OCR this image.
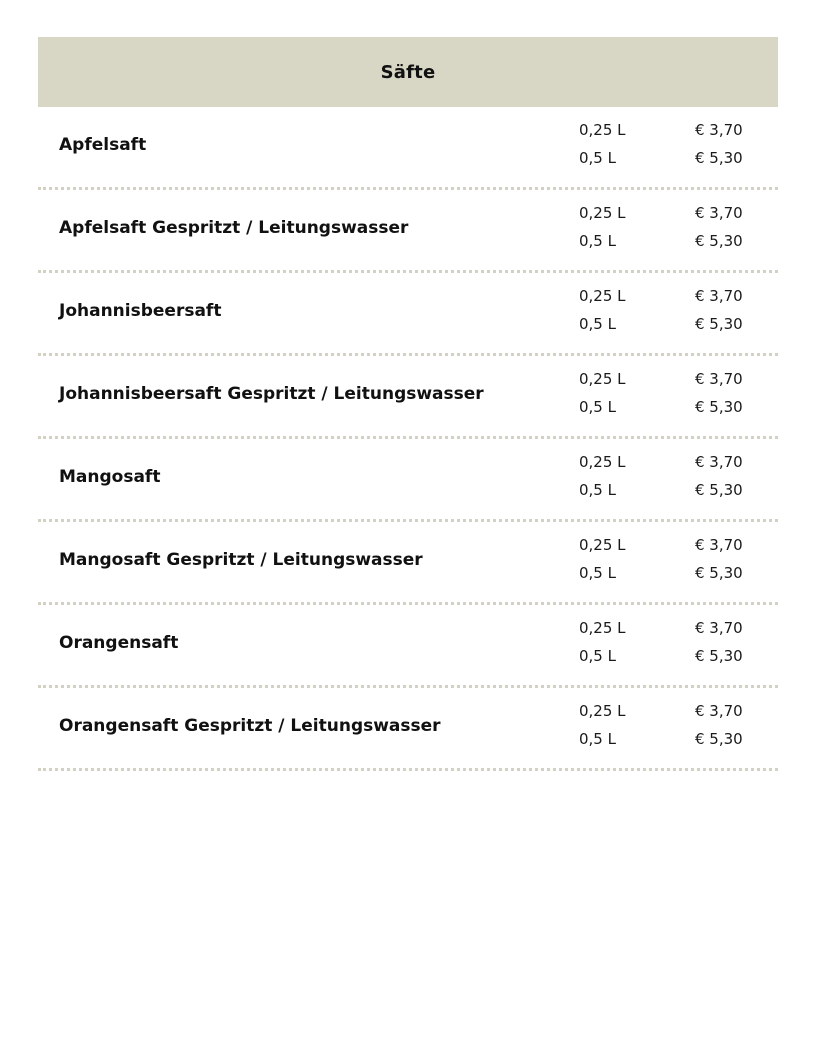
Säfte
Apfelsaft
0,25 L	€ 3,70
0,5 L	€ 5,30
Apfelsaft Gespritzt / Leitungswasser
0,25 L	€ 3,70
0,5 L	€ 5,30
Johannisbeersaft
0,25 L	€ 3,70
0,5 L	€ 5,30
Johannisbeersaft Gespritzt / Leitungswasser
0,25 L	€ 3,70
0,5 L	€ 5,30
Mangosaft
0,25 L	€ 3,70
0,5 L	€ 5,30
Mangosaft Gespritzt / Leitungswasser
0,25 L	€ 3,70
0,5 L	€ 5,30
Orangensaft
0,25 L	€ 3,70
0,5 L	€ 5,30
Orangensaft Gespritzt / Leitungswasser
0,25 L	€ 3,70
0,5 L	€ 5,30
